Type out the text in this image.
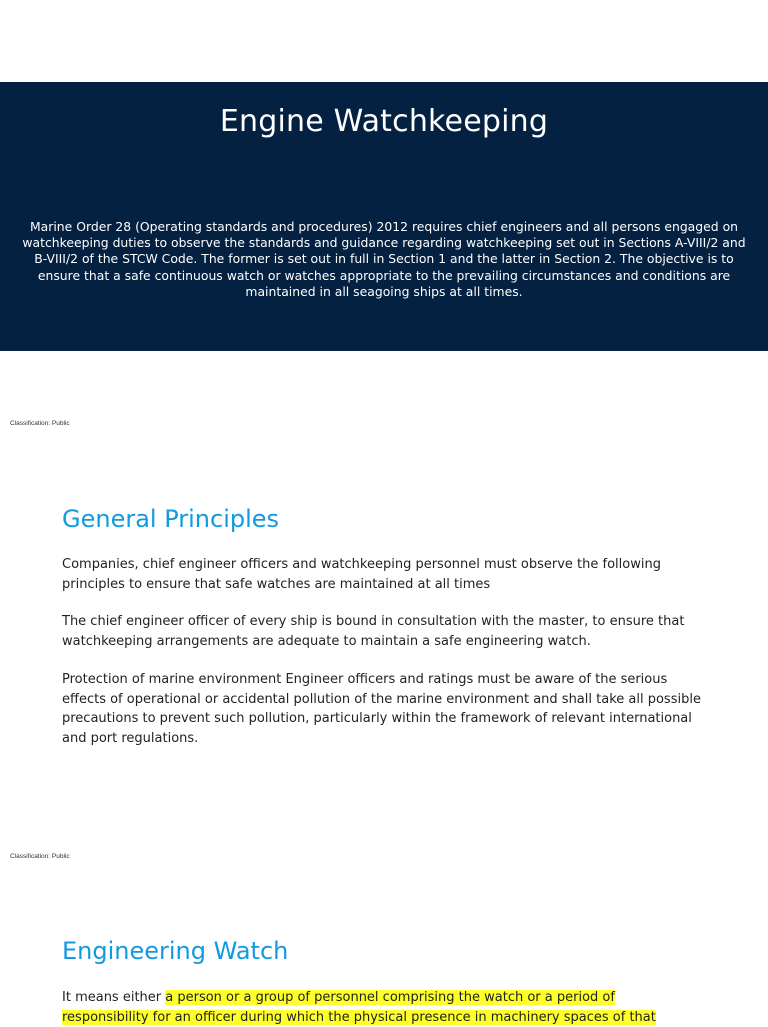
Engine Watchkeeping

Marine Order 28 (Operating standards and procedures) 2012 requires chief engineers and all persons engaged on watchkeeping duties to observe the standards and guidance regarding watchkeeping set out in Sections A-VIII/2 and B-VIII/2 of the STCW Code. The former is set out in full in Section 1 and the latter in Section 2. The objective is to ensure that a safe continuous watch or watches appropriate to the prevailing circumstances and conditions are maintained in all seagoing ships at all times.

Classification: Public
General Principles

Companies, chief engineer officers and watchkeeping personnel must observe the following principles to ensure that safe watches are maintained at all times

The chief engineer officer of every ship is bound in consultation with the master, to ensure that watchkeeping arrangements are adequate to maintain a safe engineering watch.

Protection of marine environment Engineer officers and ratings must be aware of the serious effects of operational or accidental pollution of the marine environment and shall take all possible precautions to prevent such pollution, particularly within the framework of relevant international and port regulations.

Classification: Public
Engineering Watch

It means either a person or a group of personnel comprising the watch or a period of responsibility for an officer during which the physical presence in machinery spaces of that
